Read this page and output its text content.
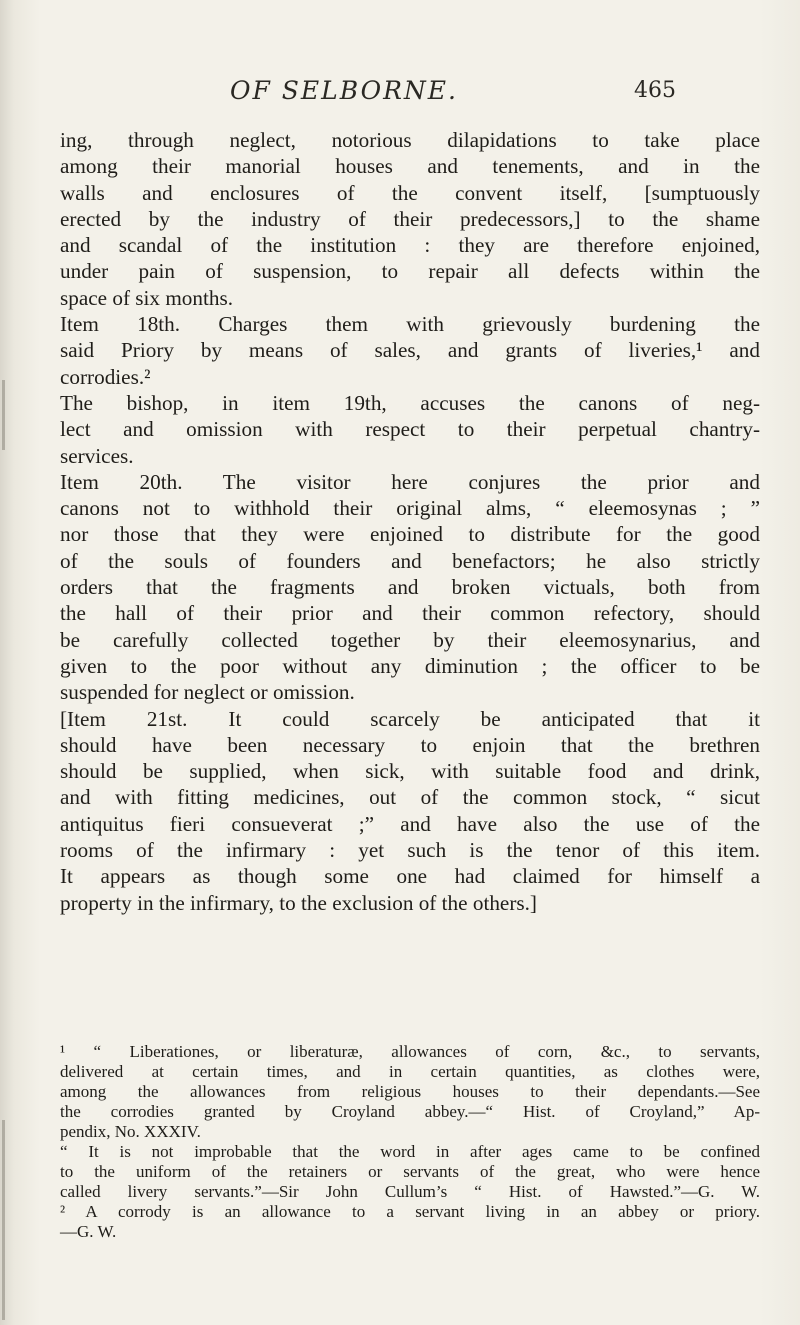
OF SELBORNE.	465

ing, through neglect, notorious dilapidations to take place

among their manorial houses and tenements, and in the

walls and enclosures of the convent itself, [sumptuously

erected by the industry of their predecessors,] to the shame

and scandal of the institution : they are therefore enjoined,

under pain of suspension, to repair all defects within the

space of six months.

Item 18th. Charges them with grievously burdening the

said Priory by means of sales, and grants of liveries,¹ and

corrodies.²

The bishop, in item 19th, accuses the canons of neg-

lect and omission with respect to their perpetual chantry-

services.

Item 20th. The visitor here conjures the prior and

canons not to withhold their original alms, “ eleemosynas ; ”

nor those that they were enjoined to distribute for the good

of the souls of founders and benefactors; he also strictly

orders that the fragments and broken victuals, both from

the hall of their prior and their common refectory, should

be carefully collected together by their eleemosynarius, and

given to the poor without any diminution ; the officer to be

suspended for neglect or omission.

[Item 21st. It could scarcely be anticipated that it

should have been necessary to enjoin that the brethren

should be supplied, when sick, with suitable food and drink,

and with fitting medicines, out of the common stock, “ sicut

antiquitus fieri consueverat ;” and have also the use of the

rooms of the infirmary : yet such is the tenor of this item.

It appears as though some one had claimed for himself a

property in the infirmary, to the exclusion of the others.]

¹ “ Liberationes, or liberaturæ, allowances of corn, &c., to servants,

delivered at certain times, and in certain quantities, as clothes were,

among the allowances from religious houses to their dependants.—See

the corrodies granted by Croyland abbey.—“ Hist. of Croyland,” Ap-

pendix, No. XXXIV.

“ It is not improbable that the word in after ages came to be confined

to the uniform of the retainers or servants of the great, who were hence

called livery servants.”—Sir John Cullum’s “ Hist. of Hawsted.”—G. W.

² A corrody is an allowance to a servant living in an abbey or priory.

—G. W.
